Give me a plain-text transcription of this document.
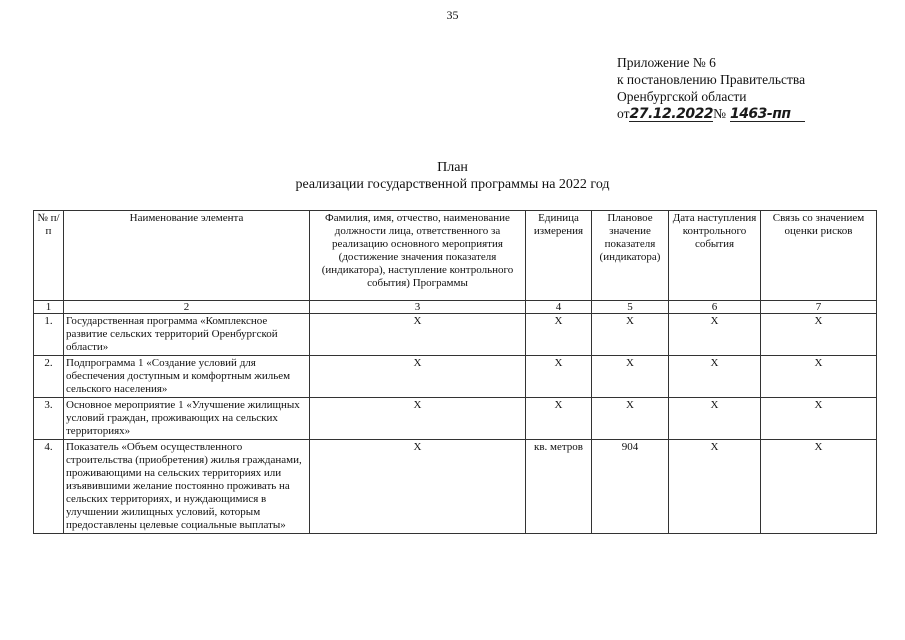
35
Приложение № 6
к постановлению Правительства
Оренбургской области
от27.12.2022№ 1463-пп
План
реализации государственной программы на 2022 год
№ п/п	Наименование элемента	Фамилия, имя, отчество, наименование должности лица, ответственного за реализацию основного мероприятия (достижение значения показателя (индикатора), наступление контрольного события) Программы	Единица измерения	Плановое значение показателя (индикатора)	Дата наступления контрольного события	Связь со значением оценки рисков
1	2	3	4	5	6	7
1.	Государственная программа «Комплексное развитие сельских территорий Оренбургской области»	Х	Х	Х	Х	Х
2.	Подпрограмма 1 «Создание условий для обеспечения доступным и комфортным жильем сельского населения»	Х	Х	Х	Х	Х
3.	Основное мероприятие 1 «Улучшение жилищных условий граждан, проживающих на сельских территориях»	Х	Х	Х	Х	Х
4.	Показатель «Объем осуществленного строительства (приобретения) жилья гражданами, проживающими на сельских территориях или изъявившими желание постоянно проживать на сельских территориях, и нуждающимися в улучшении жилищных условий, которым предоставлены целевые социальные выплаты»	Х	кв. метров	904	Х	Х
